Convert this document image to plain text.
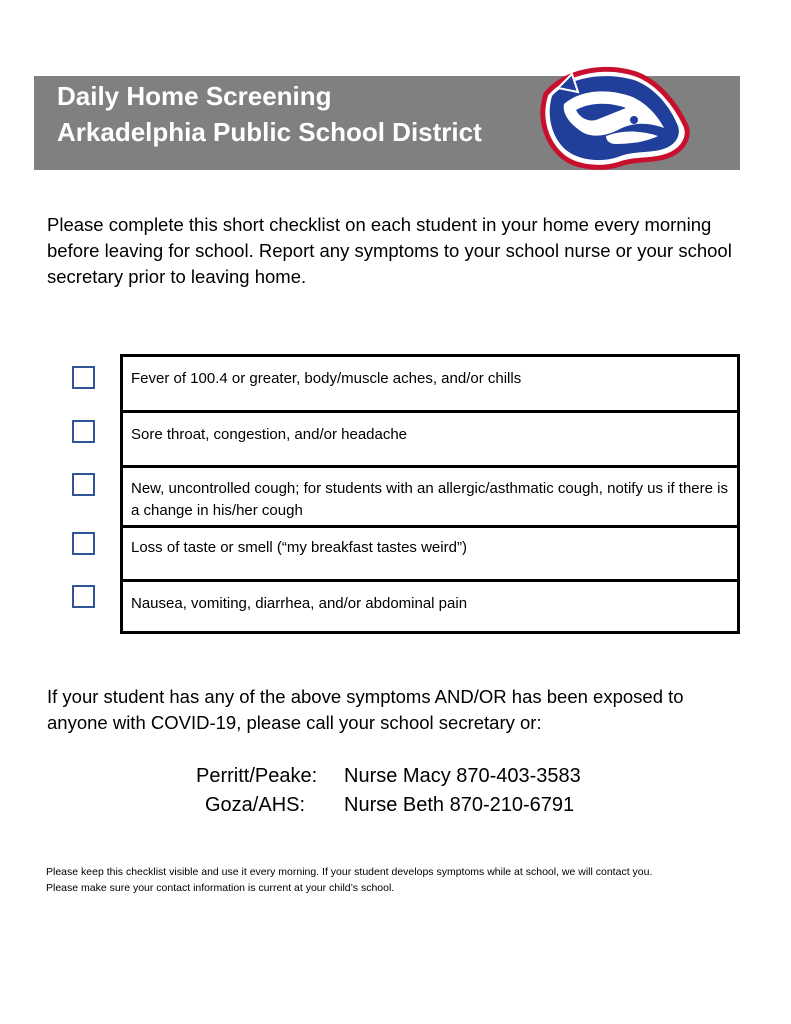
Daily Home Screening
Arkadelphia Public School District
Please complete this short checklist on each student in your home every morning before leaving for school. Report any symptoms to your school nurse or your school secretary prior to leaving home.
Fever of 100.4 or greater, body/muscle aches, and/or chills
Sore throat, congestion, and/or headache
New, uncontrolled cough; for students with an allergic/asthmatic cough, notify us if there is a change in his/her cough
Loss of taste or smell (“my breakfast tastes weird”)
Nausea, vomiting, diarrhea, and/or abdominal pain
If your student has any of the above symptoms AND/OR has been exposed to anyone with COVID-19, please call your school secretary or:
Perritt/Peake: Nurse Macy 870-403-3583
Goza/AHS: Nurse Beth 870-210-6791
Please keep this checklist visible and use it every morning. If your student develops symptoms while at school, we will contact you.
Please make sure your contact information is current at your child’s school.
